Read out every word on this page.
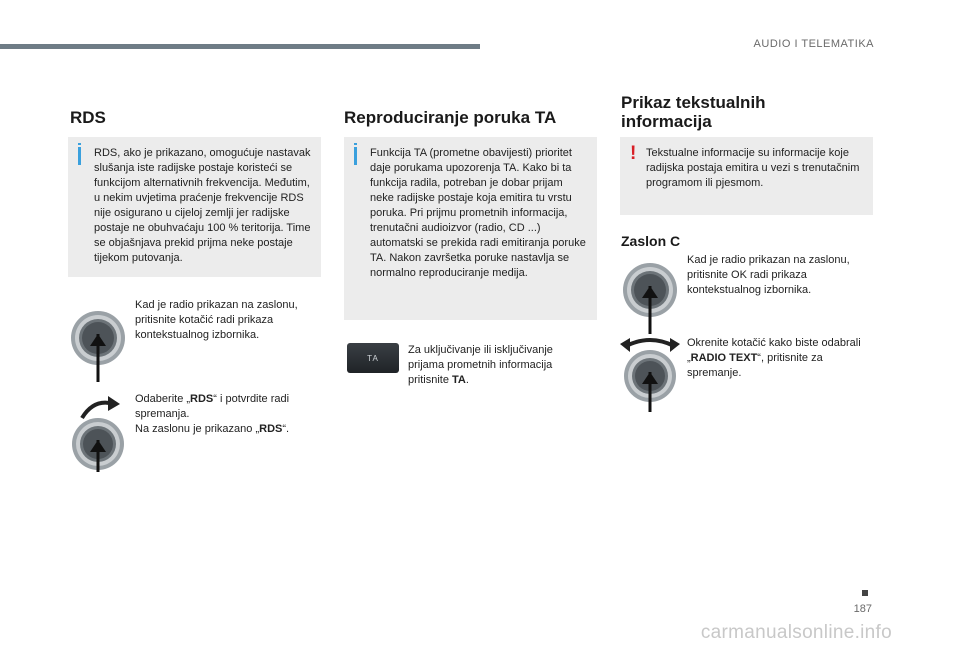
AUDIO I TELEMATIKA
RDS
RDS, ako je prikazano, omogućuje nastavak slušanja iste radijske postaje koristeći se funkcijom alternativnih frekvencija. Međutim, u nekim uvjetima praćenje frekvencije RDS nije osigurano u cijeloj zemlji jer radijske postaje ne obuhvaćaju 100 % teritorija. Time se objašnjava prekid prijma neke postaje tijekom putovanja.
Kad je radio prikazan na zaslonu, pritisnite kotačić radi prikaza kontekstualnog izbornika.
Odaberite „RDS“ i potvrdite radi spremanja.
Na zaslonu je prikazano „RDS“.
Reproduciranje poruka TA
Funkcija TA (prometne obavijesti) prioritet daje porukama upozorenja TA. Kako bi ta funkcija radila, potreban je dobar prijam neke radijske postaje koja emitira tu vrstu poruka. Pri prijmu prometnih informacija, trenutačni audioizvor (radio, CD ...) automatski se prekida radi emitiranja poruke TA. Nakon završetka poruke nastavlja se normalno reproduciranje medija.
TA
Za uključivanje ili isključivanje prijama prometnih informacija pritisnite TA.
Prikaz tekstualnih
informacija
! Tekstualne informacije su informacije koje radijska postaja emitira u vezi s trenutačnim programom ili pjesmom.
Zaslon C
Kad je radio prikazan na zaslonu, pritisnite OK radi prikaza kontekstualnog izbornika.
Okrenite kotačić kako biste odabrali „RADIO TEXT“, pritisnite za spremanje.
187
carmanualsonline.info
